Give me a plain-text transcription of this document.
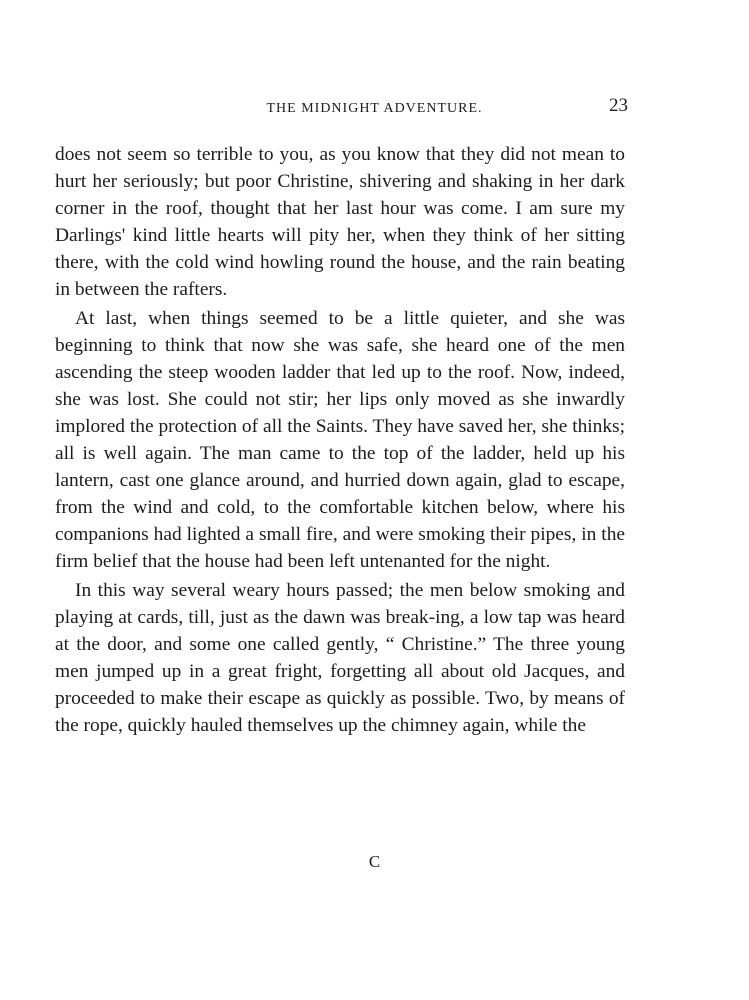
THE MIDNIGHT ADVENTURE.	23

does not seem so terrible to you, as you know that they did not mean to hurt her seriously; but poor Christine, shivering and shaking in her dark corner in the roof, thought that her last hour was come. I am sure my Darlings' kind little hearts will pity her, when they think of her sitting there, with the cold wind howling round the house, and the rain beating in between the rafters.

At last, when things seemed to be a little quieter, and she was beginning to think that now she was safe, she heard one of the men ascending the steep wooden ladder that led up to the roof. Now, indeed, she was lost. She could not stir; her lips only moved as she inwardly implored the protection of all the Saints. They have saved her, she thinks; all is well again. The man came to the top of the ladder, held up his lantern, cast one glance around, and hurried down again, glad to escape, from the wind and cold, to the comfortable kitchen below, where his companions had lighted a small fire, and were smoking their pipes, in the firm belief that the house had been left untenanted for the night.

In this way several weary hours passed; the men below smoking and playing at cards, till, just as the dawn was break-ing, a low tap was heard at the door, and some one called gently, “ Christine.” The three young men jumped up in a great fright, forgetting all about old Jacques, and proceeded to make their escape as quickly as possible. Two, by means of the rope, quickly hauled themselves up the chimney again, while the

C
